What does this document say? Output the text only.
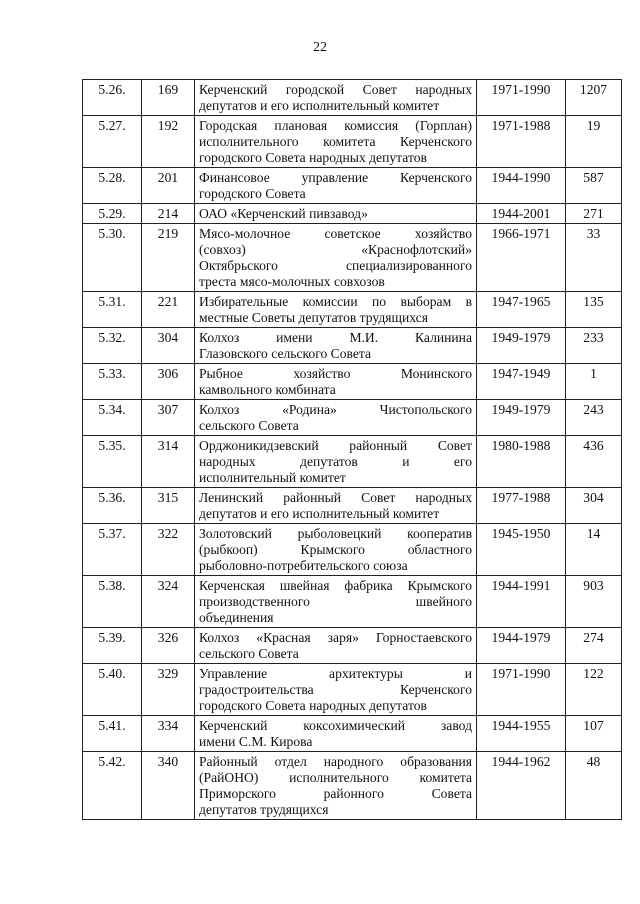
22
5.26.	169	Керченский городской Совет народных
депутатов и его исполнительный комитет	1971-1990	1207
5.27.	192	Городская плановая комиссия (Горплан)
исполнительного комитета Керченского
городского Совета народных депутатов	1971-1988	19
5.28.	201	Финансовое управление Керченского
городского Совета	1944-1990	587
5.29.	214	ОАО «Керченский пивзавод»	1944-2001	271
5.30.	219	Мясо-молочное советское хозяйство
(совхоз) «Краснофлотский»
Октябрьского специализированного
треста мясо-молочных совхозов	1966-1971	33
5.31.	221	Избирательные комиссии по выборам в
местные Советы депутатов трудящихся	1947-1965	135
5.32.	304	Колхоз имени М.И. Калинина
Глазовского сельского Совета	1949-1979	233
5.33.	306	Рыбное хозяйство Монинского
камвольного комбината	1947-1949	1
5.34.	307	Колхоз «Родина» Чистопольского
сельского Совета	1949-1979	243
5.35.	314	Орджоникидзевский районный Совет
народных депутатов и его
исполнительный комитет	1980-1988	436
5.36.	315	Ленинский районный Совет народных
депутатов и его исполнительный комитет	1977-1988	304
5.37.	322	Золотовский рыболовецкий кооператив
(рыбкооп) Крымского областного
рыболовно-потребительского союза	1945-1950	14
5.38.	324	Керченская швейная фабрика Крымского
производственного швейного
объединения	1944-1991	903
5.39.	326	Колхоз «Красная заря» Горностаевского
сельского Совета	1944-1979	274
5.40.	329	Управление архитектуры и
градостроительства Керченского
городского Совета народных депутатов	1971-1990	122
5.41.	334	Керченский коксохимический завод
имени С.М. Кирова	1944-1955	107
5.42.	340	Районный отдел народного образования
(РайОНО) исполнительного комитета
Приморского районного Совета
депутатов трудящихся	1944-1962	48
